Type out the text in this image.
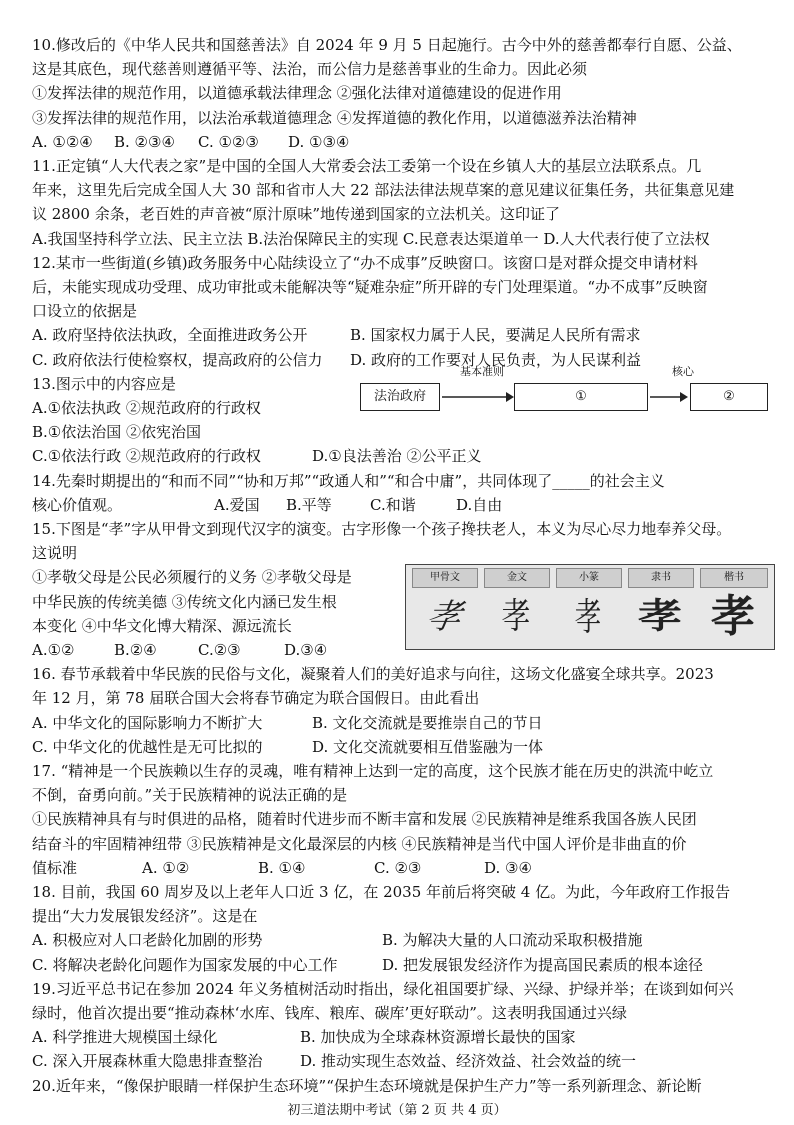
10.修改后的《中华人民共和国慈善法》自 2024 年 9 月 5 日起施行。古今中外的慈善都奉行自愿、公益、
这是其底色，现代慈善则遵循平等、法治，而公信力是慈善事业的生命力。因此必须
①发挥法律的规范作用，以道德承载法律理念 ②强化法律对道德建设的促进作用
③发挥法律的规范作用，以法治承载道德理念 ④发挥道德的教化作用，以道德滋养法治精神
A. ①②④ B. ②③④ C. ①②③ D. ①③④
11.正定镇“人大代表之家”是中国的全国人大常委会法工委第一个设在乡镇人大的基层立法联系点。几
年来，这里先后完成全国人大 30 部和省市人大 22 部法法律法规草案的意见建议征集任务，共征集意见建
议 2800 余条，老百姓的声音被“原汁原味”地传递到国家的立法机关。这印证了
A.我国坚持科学立法、民主立法 B.法治保障民主的实现 C.民意表达渠道单一 D.人大代表行使了立法权
12.某市一些街道(乡镇)政务服务中心陆续设立了“办不成事”反映窗口。该窗口是对群众提交申请材料
后，未能实现成功受理、成功审批或未能解决等“疑难杂症”所开辟的专门处理渠道。“办不成事”反映窗
口设立的依据是
A. 政府坚持依法执政，全面推进政务公开	B. 国家权力属于人民，要满足人民所有需求
C. 政府依法行使检察权，提高政府的公信力 D. 政府的工作要对人民负责，为人民谋利益
13.图示中的内容应是
A.①依法执政 ②规范政府的行政权
B.①依法治国 ②依宪治国
C.①依法行政 ②规范政府的行政权	D.①良法善治 ②公平正义
法治政府
基本准则
①
核心
②
14.先秦时期提出的“和而不同”“协和万邦”“政通人和”“和合中庸”，共同体现了_____的社会主义
核心价值观。	A.爱国 B.平等	C.和谐	D.自由
15.下图是“孝”字从甲骨文到现代汉字的演变。古字形像一个孩子搀扶老人，本义为尽心尽力地奉养父母。
这说明
①孝敬父母是公民必须履行的义务 ②孝敬父母是
中华民族的传统美德 ③传统文化内涵已发生根
本变化 ④中华文化博大精深、源远流长
A.①②	B.②④	C.②③	D.③④
甲骨文	金文	小篆	隶书	楷书
孝	孝 孝 孝 孝
16. 春节承载着中华民族的民俗与文化，凝聚着人们的美好追求与向往，这场文化盛宴全球共享。2023
年 12 月，第 78 届联合国大会将春节确定为联合国假日。由此看出
A. 中华文化的国际影响力不断扩大	B. 文化交流就是要推崇自己的节日
C. 中华文化的优越性是无可比拟的	D. 文化交流就要相互借鉴融为一体
17. “精神是一个民族赖以生存的灵魂，唯有精神上达到一定的高度，这个民族才能在历史的洪流中屹立
不倒，奋勇向前。”关于民族精神的说法正确的是
①民族精神具有与时俱进的品格，随着时代进步而不断丰富和发展 ②民族精神是维系我国各族人民团
结奋斗的牢固精神纽带 ③民族精神是文化最深层的内核 ④民族精神是当代中国人评价是非曲直的价
值标准	A. ①②	B. ①④	C. ②③	D. ③④
18. 目前，我国 60 周岁及以上老年人口近 3 亿，在 2035 年前后将突破 4 亿。为此，今年政府工作报告
提出“大力发展银发经济”。这是在
A. 积极应对人口老龄化加剧的形势	B. 为解决大量的人口流动采取积极措施
C. 将解决老龄化问题作为国家发展的中心工作	D. 把发展银发经济作为提高国民素质的根本途径
19.习近平总书记在参加 2024 年义务植树活动时指出，绿化祖国要扩绿、兴绿、护绿并举；在谈到如何兴
绿时，他首次提出要“推动森林‘水库、钱库、粮库、碳库’更好联动”。这表明我国通过兴绿
A. 科学推进大规模国土绿化	B. 加快成为全球森林资源增长最快的国家
C. 深入开展森林重大隐患排查整治	D. 推动实现生态效益、经济效益、社会效益的统一
20.近年来，“像保护眼睛一样保护生态环境”“保护生态环境就是保护生产力”等一系列新理念、新论断
初三道法期中考试（第 2 页 共 4 页）
